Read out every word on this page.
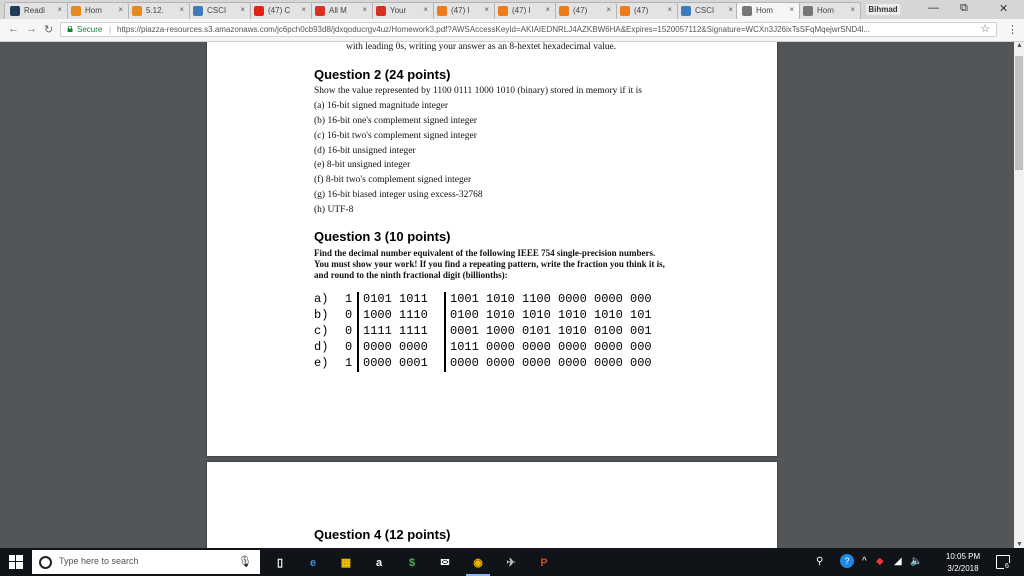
Readi ×	Hom ×	5.12. ×	CSCI ×	(47) C ×	All M ×	Your ×	(47) I ×	(47) I ×	(47) ×	(47) ×	CSCI ×	Hom ×	Hom × Bihmad	— ⧉	✕
← → ↻	Secure | https://piazza-resources.s3.amazonaws.com/jc6pch0cb93d8/jdxqoducrgv4uz/Homework3.pdf?AWSAccessKeyId=AKIAIEDNRLJ4AZKBW6HA&Expires=1520057112&Signature=WCXn3J26ixTsSFqMqejwrSND4l...	☆ ⋮
with leading 0s, writing your answer as an 8-hextet hexadecimal value.
Question 2 (24 points)
Show the value represented by 1100 0111 1000 1010 (binary) stored in memory if it is
(a) 16-bit signed magnitude integer
(b) 16-bit one's complement signed integer
(c) 16-bit two's complement signed integer
(d) 16-bit unsigned integer
(e) 8-bit unsigned integer
(f) 8-bit two's complement signed integer
(g) 16-bit biased integer using excess-32768
(h) UTF-8
Question 3 (10 points)
Find the decimal number equivalent of the following IEEE 754 single-precision numbers.
You must show your work! If you find a repeating pattern, write the fraction you think it is,
and round to the ninth fractional digit (billionths):
a) 1 0101 1011 1001 1010 1100 0000 0000 000
b) 0 1000 1110 0100 1010 1010 1010 1010 101
c) 0 1111 1111 0001 1000 0101 1010 0100 001
d) 0 0000 0000 1011 0000 0000 0000 0000 000
e) 1 0000 0001 0000 0000 0000 0000 0000 000
Question 4 (12 points)
▲
▼
Type here to search	🎙	▯	e	▦	a	$	✉	◉	✈	P	⚲	?	^ ◆ ◢ 🔈	10:05 PM
3/2/2018	6
